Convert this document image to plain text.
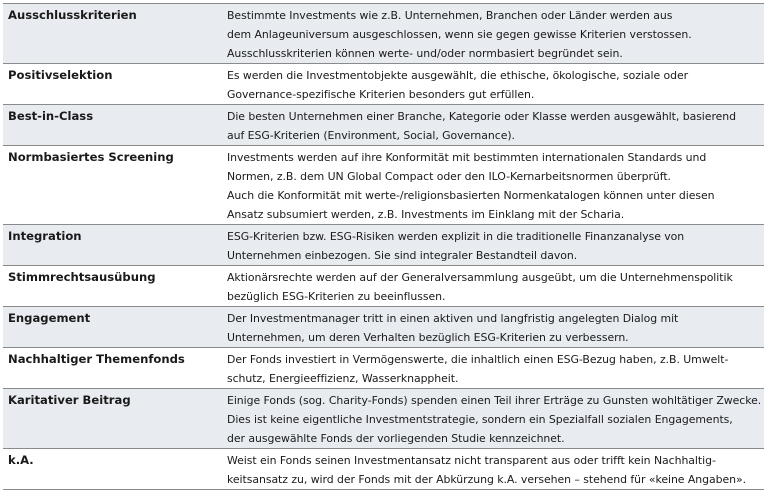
Ausschlusskriterien	Bestimmte Investments wie z.B. Unternehmen, Branchen oder Länder werden aus
dem Anlageuniversum ausgeschlossen, wenn sie gegen gewisse Kriterien verstossen.
Ausschlusskriterien können werte- und/oder normbasiert begründet sein.
Positivselektion	Es werden die Investmentobjekte ausgewählt, die ethische, ökologische, soziale oder
Governance-spezifische Kriterien besonders gut erfüllen.
Best-in-Class	Die besten Unternehmen einer Branche, Kategorie oder Klasse werden ausgewählt, basierend
auf ESG-Kriterien (Environment, Social, Governance).
Normbasiertes Screening	Investments werden auf ihre Konformität mit bestimmten internationalen Standards und
Normen, z.B. dem UN Global Compact oder den ILO-Kernarbeitsnormen überprüft.
Auch die Konformität mit werte-/religionsbasierten Normenkatalogen können unter diesen
Ansatz subsumiert werden, z.B. Investments im Einklang mit der Scharia.
Integration	ESG-Kriterien bzw. ESG-Risiken werden explizit in die traditionelle Finanzanalyse von
Unternehmen einbezogen. Sie sind integraler Bestandteil davon.
Stimmrechtsausübung	Aktionärsrechte werden auf der Generalversammlung ausgeübt, um die Unternehmenspolitik
bezüglich ESG-Kriterien zu beeinflussen.
Engagement	Der Investmentmanager tritt in einen aktiven und langfristig angelegten Dialog mit
Unternehmen, um deren Verhalten bezüglich ESG-Kriterien zu verbessern.
Nachhaltiger Themenfonds	Der Fonds investiert in Vermögenswerte, die inhaltlich einen ESG-Bezug haben, z.B. Umwelt-
schutz, Energieeffizienz, Wasserknappheit.
Karitativer Beitrag	Einige Fonds (sog. Charity-Fonds) spenden einen Teil ihrer Erträge zu Gunsten wohltätiger Zwecke.
Dies ist keine eigentliche Investmentstrategie, sondern ein Spezialfall sozialen Engagements,
der ausgewählte Fonds der vorliegenden Studie kennzeichnet.
k.A.	Weist ein Fonds seinen Investmentansatz nicht transparent aus oder trifft kein Nachhaltig-
keitsansatz zu, wird der Fonds mit der Abkürzung k.A. versehen – stehend für «keine Angaben».
